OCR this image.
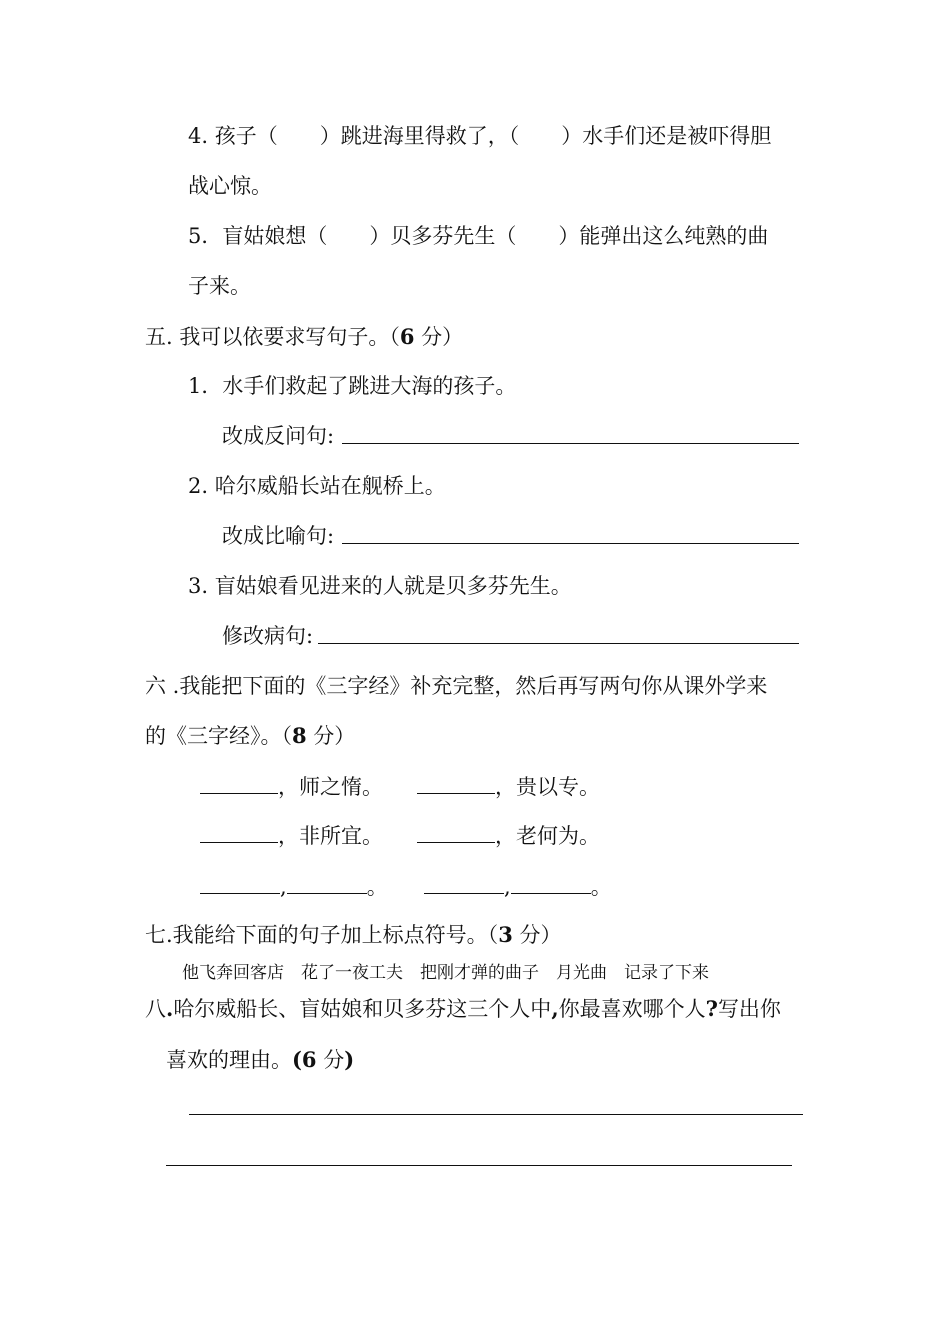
4. 孩子（　　）跳进海里得救了，（　　）水手们还是被吓得胆
战心惊。
5．盲姑娘想（　　）贝多芬先生（　　）能弹出这么纯熟的曲
子来。
五. 我可以依要求写句子。（6 分）
1．水手们救起了跳进大海的孩子。
改成反问句:
2. 哈尔威船长站在舰桥上。
改成比喻句:
3. 盲姑娘看见进来的人就是贝多芬先生。
修改病句:
六 .我能把下面的《三字经》补充完整，然后再写两句你从课外学来
的《三字经》。（8 分）
，师之惰。	，贵以专。
，非所宜。	，老何为。
,	。	,	。
七.我能给下面的句子加上标点符号。（3 分）
他飞奔回客店　花了一夜工夫　把刚才弹的曲子　月光曲　记录了下来
八.哈尔威船长、盲姑娘和贝多芬这三个人中,你最喜欢哪个人?写出你
喜欢的理由。(6 分)
